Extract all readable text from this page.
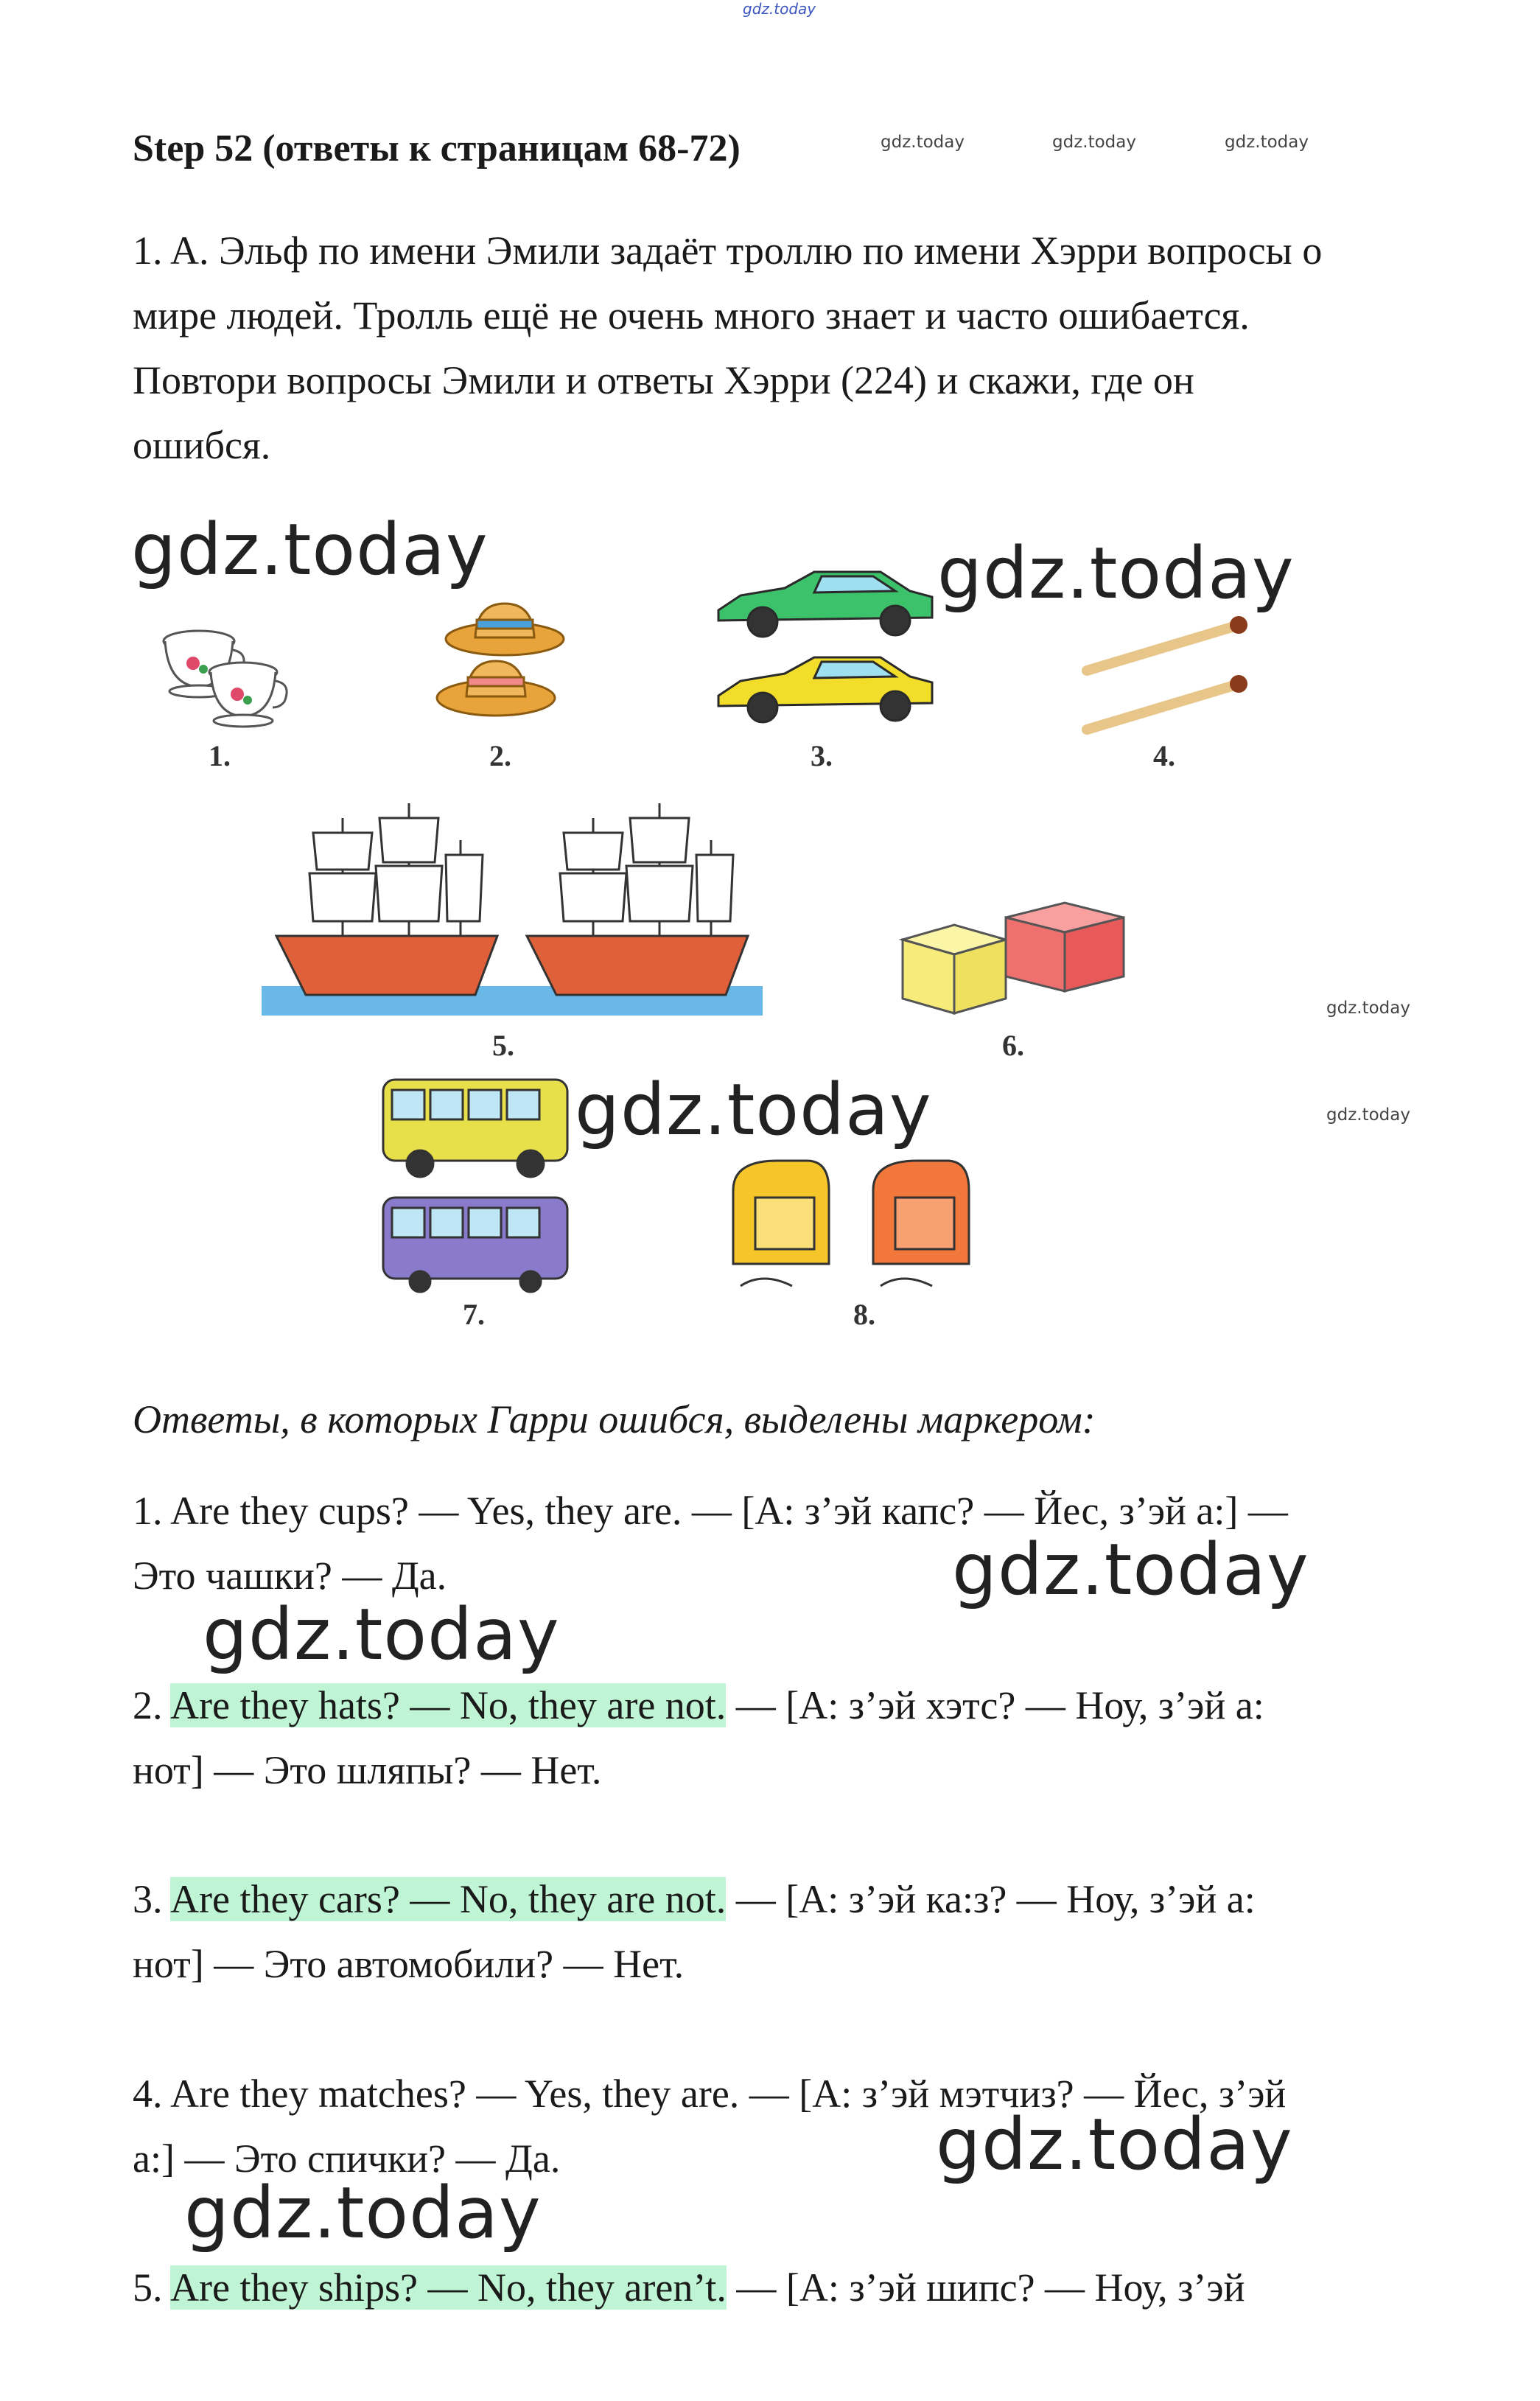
gdz.today
Step 52 (ответы к страницам 68-72)	gdz.today	gdz.today	gdz.today

1. A. Эльф по имени Эмили задаёт троллю по имени Хэрри вопросы о

мире людей. Тролль ещё не очень много знает и часто ошибается.

Повтори вопросы Эмили и ответы Хэрри (224) и скажи, где он

ошибся.

1.	2.	3.	4.
5.	6.
gdz.today
gdz.today
7.	8.
gdz.today	gdz.today
gdz.today
Ответы, в которых Гарри ошибся, выделены маркером:

1. Are they cups? — Yes, they are. — [А: з’эй капс? — Йес, з’эй а:] —

Это чашки? — Да.	gdz.today
gdz.today

2. Are they hats? — No, they are not. — [А: з’эй хэтс? — Ноу, з’эй а:

нот] — Это шляпы? — Нет.

3. Are they cars? — No, they are not. — [А: з’эй ка:з? — Ноу, з’эй а:

нот] — Это автомобили? — Нет.

4. Are they matches? — Yes, they are. — [А: з’эй мэтчиз? — Йес, з’эй

а:] — Это спички? — Да.	gdz.today
gdz.today

5. Are they ships? — No, they aren’t. — [А: з’эй шипс? — Ноу, з’эй
